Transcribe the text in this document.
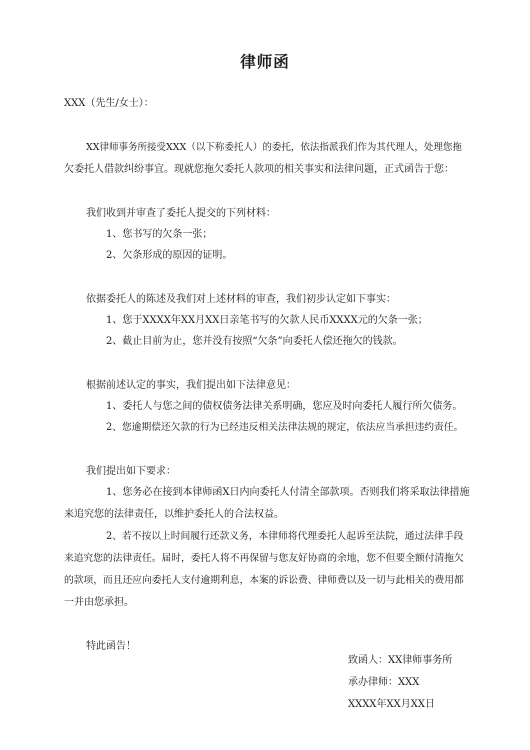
律师函
XXX（先生/女士）：
XX律师事务所接受XXX（以下称委托人）的委托，依法指派我们作为其代理人，处理您拖
欠委托人借款纠纷事宜。现就您拖欠委托人款项的相关事实和法律问题，正式函告于您：
我们收到并审查了委托人提交的下列材料：
1、您书写的欠条一张；
2、欠条形成的原因的证明。
依据委托人的陈述及我们对上述材料的审查，我们初步认定如下事实：
1、您于XXXX年XX月XX日亲笔书写的欠款人民币XXXX元的欠条一张；
2、截止目前为止，您并没有按照“欠条”向委托人偿还拖欠的钱款。
根据前述认定的事实，我们提出如下法律意见：
1、委托人与您之间的债权债务法律关系明确，您应及时向委托人履行所欠债务。
2、您逾期偿还欠款的行为已经违反相关法律法规的规定，依法应当承担违约责任。
我们提出如下要求：
1、您务必在接到本律师函X日内向委托人付清全部款项。否则我们将采取法律措施
来追究您的法律责任，以维护委托人的合法权益。
2、若不按以上时间履行还款义务，本律师将代理委托人起诉至法院，通过法律手段
来追究您的法律责任。届时，委托人将不再保留与您友好协商的余地，您不但要全额付清拖欠
的款项，而且还应向委托人支付逾期利息，本案的诉讼费、律师费以及一切与此相关的费用都
一并由您承担。
特此函告！
致函人：XX律师事务所
承办律师：XXX
XXXX年XX月XX日
